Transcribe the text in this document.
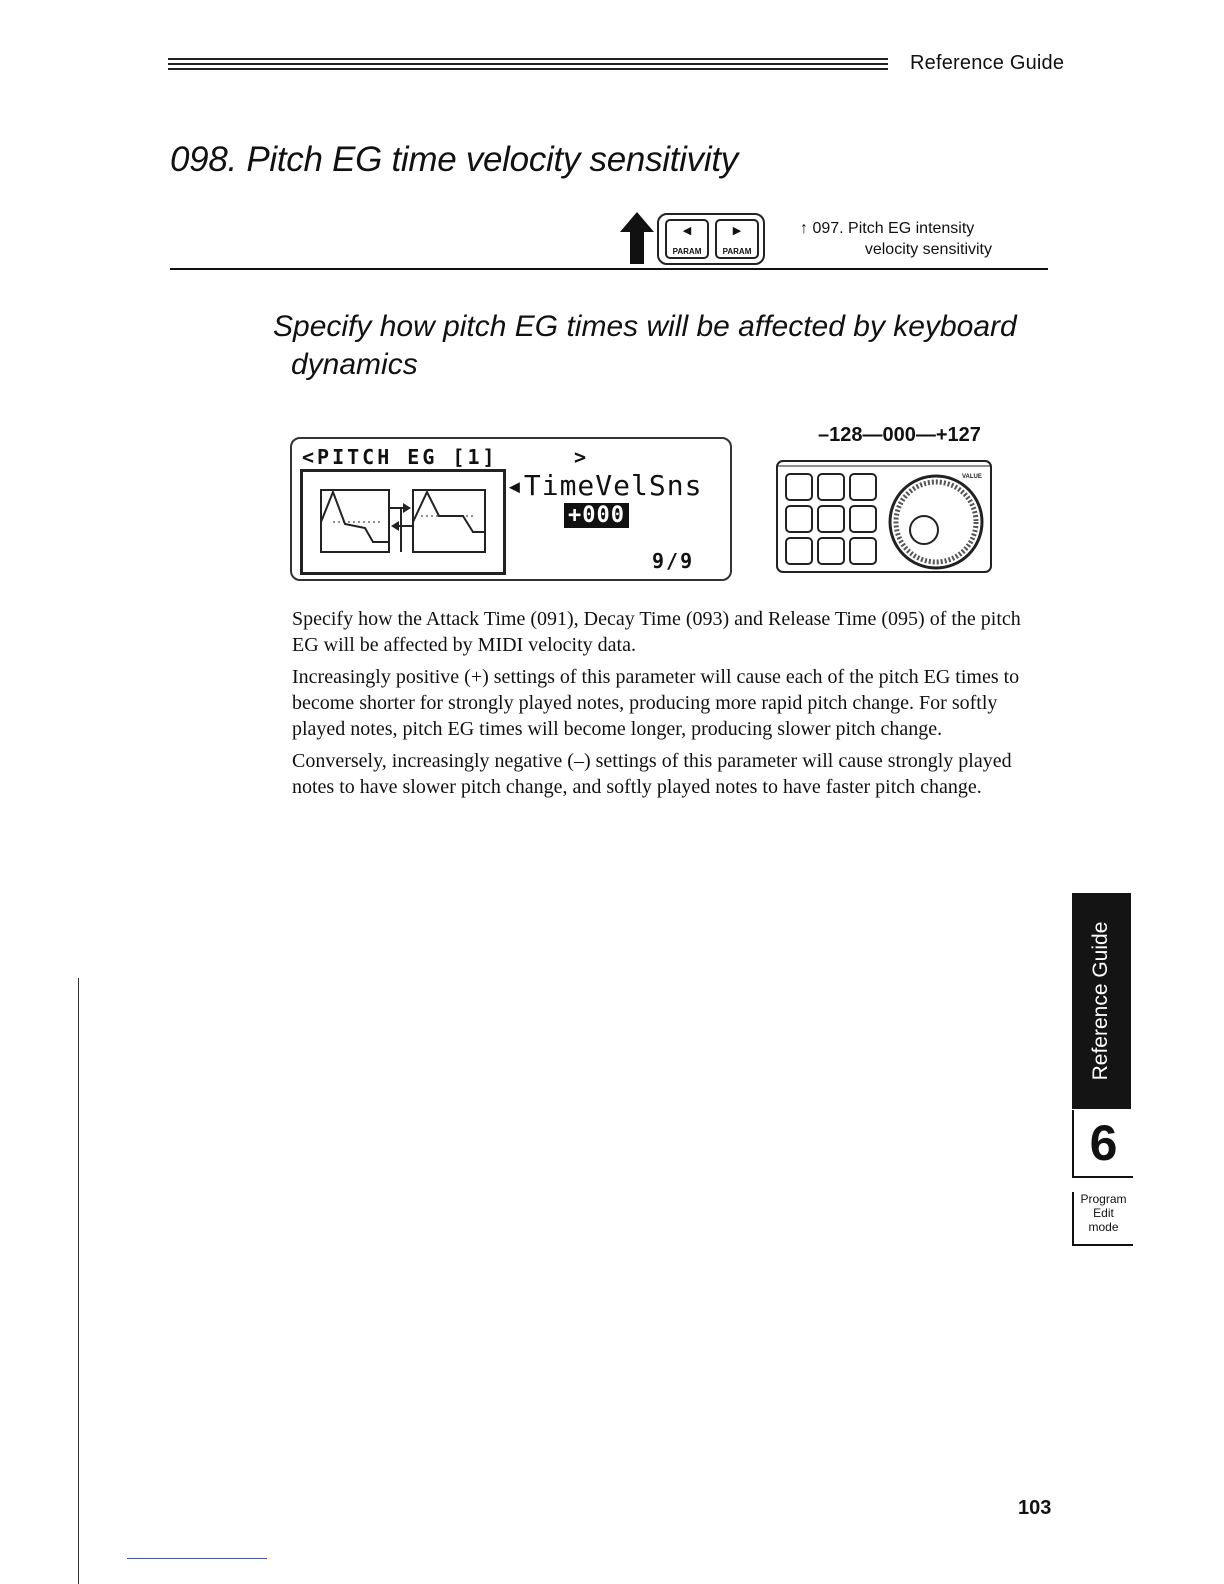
Reference Guide
098. Pitch EG time velocity sensitivity
◀
PARAM
▶
PARAM
↑ 097. Pitch EG intensity
velocity sensitivity
Specify how pitch EG times will be affected by keyboard
dynamics
<PITCH EG [1]	>
◂TimeVelSns
+000
9/9
–128—000—+127
VALUE

Specify how the Attack Time (091), Decay Time (093) and Release Time (095) of the pitch EG will be affected by MIDI velocity data.

Increasingly positive (+) settings of this parameter will cause each of the pitch EG times to become shorter for strongly played notes, producing more rapid pitch change. For softly played notes, pitch EG times will become longer, producing slower pitch change.

Conversely, increasingly negative (–) settings of this parameter will cause strongly played notes to have slower pitch change, and softly played notes to have faster pitch change.

Reference Guide
6
Program
Edit
mode
103
